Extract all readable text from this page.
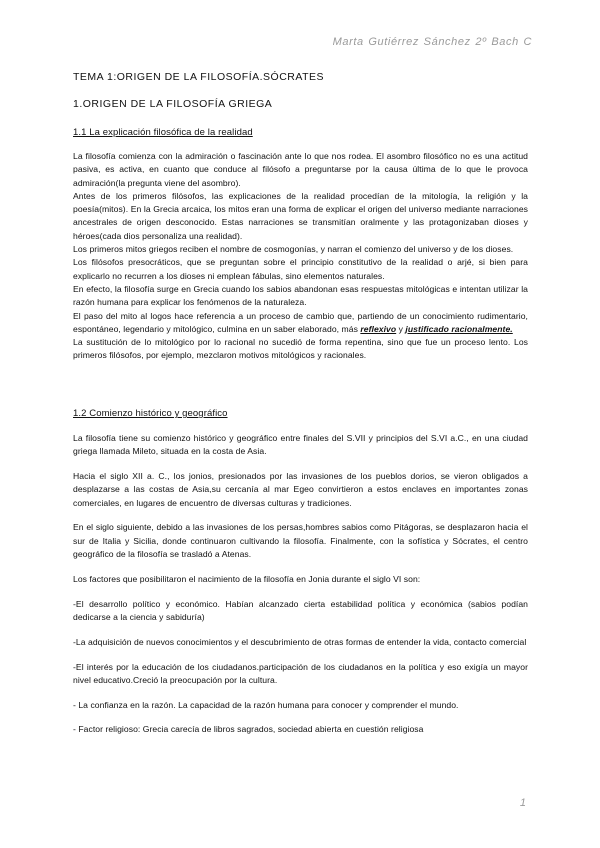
Marta Gutiérrez Sánchez 2º Bach C
TEMA 1:ORIGEN DE LA FILOSOFÍA.SÓCRATES
1.ORIGEN DE LA FILOSOFÍA GRIEGA
1.1 La explicación filosófica de la realidad

La filosofía comienza con la admiración o fascinación ante lo que nos rodea. El asombro filosófico no es una actitud pasiva, es activa, en cuanto que conduce al filósofo a preguntarse por la causa última de lo que le provoca admiración(la pregunta viene del asombro).

Antes de los primeros filósofos, las explicaciones de la realidad procedían de la mitología, la religión y la poesía(mitos). En la Grecia arcaica, los mitos eran una forma de explicar el origen del universo mediante narraciones ancestrales de origen desconocido. Estas narraciones se transmitían oralmente y las protagonizaban dioses y héroes(cada dios personaliza una realidad).

Los primeros mitos griegos reciben el nombre de cosmogonías, y narran el comienzo del universo y de los dioses.

Los filósofos presocráticos, que se preguntan sobre el principio constitutivo de la realidad o arjé, si bien para explicarlo no recurren a los dioses ni emplean fábulas, sino elementos naturales.

En efecto, la filosofía surge en Grecia cuando los sabios abandonan esas respuestas mitológicas e intentan utilizar la razón humana para explicar los fenómenos de la naturaleza.

El paso del mito al logos hace referencia a un proceso de cambio que, partiendo de un conocimiento rudimentario, espontáneo, legendario y mitológico, culmina en un saber elaborado, más reflexivo y justificado racionalmente.

La sustitución de lo mitológico por lo racional no sucedió de forma repentina, sino que fue un proceso lento. Los primeros filósofos, por ejemplo, mezclaron motivos mitológicos y racionales.

1.2 Comienzo histórico y geográfico

La filosofía tiene su comienzo histórico y geográfico entre finales del S.VII y principios del S.VI a.C., en una ciudad griega llamada Mileto, situada en la costa de Asia.

Hacia el siglo XII a. C., los jonios, presionados por las invasiones de los pueblos dorios, se vieron obligados a desplazarse a las costas de Asia,su cercanía al mar Egeo convirtieron a estos enclaves en importantes zonas comerciales, en lugares de encuentro de diversas culturas y tradiciones.

En el siglo siguiente, debido a las invasiones de los persas,hombres sabios como Pitágoras, se desplazaron hacia el sur de Italia y Sicilia, donde continuaron cultivando la filosofía. Finalmente, con la sofística y Sócrates, el centro geográfico de la filosofía se trasladó a Atenas.

Los factores que posibilitaron el nacimiento de la filosofía en Jonia durante el siglo VI son:

-El desarrollo político y económico. Habían alcanzado cierta estabilidad política y económica (sabios podían dedicarse a la ciencia y sabiduría)

-La adquisición de nuevos conocimientos y el descubrimiento de otras formas de entender la vida, contacto comercial

-El interés por la educación de los ciudadanos.participación de los ciudadanos en la política y eso exigía un mayor nivel educativo.Creció la preocupación por la cultura.

- La confianza en la razón. La capacidad de la razón humana para conocer y comprender el mundo.

- Factor religioso: Grecia carecía de libros sagrados, sociedad abierta en cuestión religiosa

1
